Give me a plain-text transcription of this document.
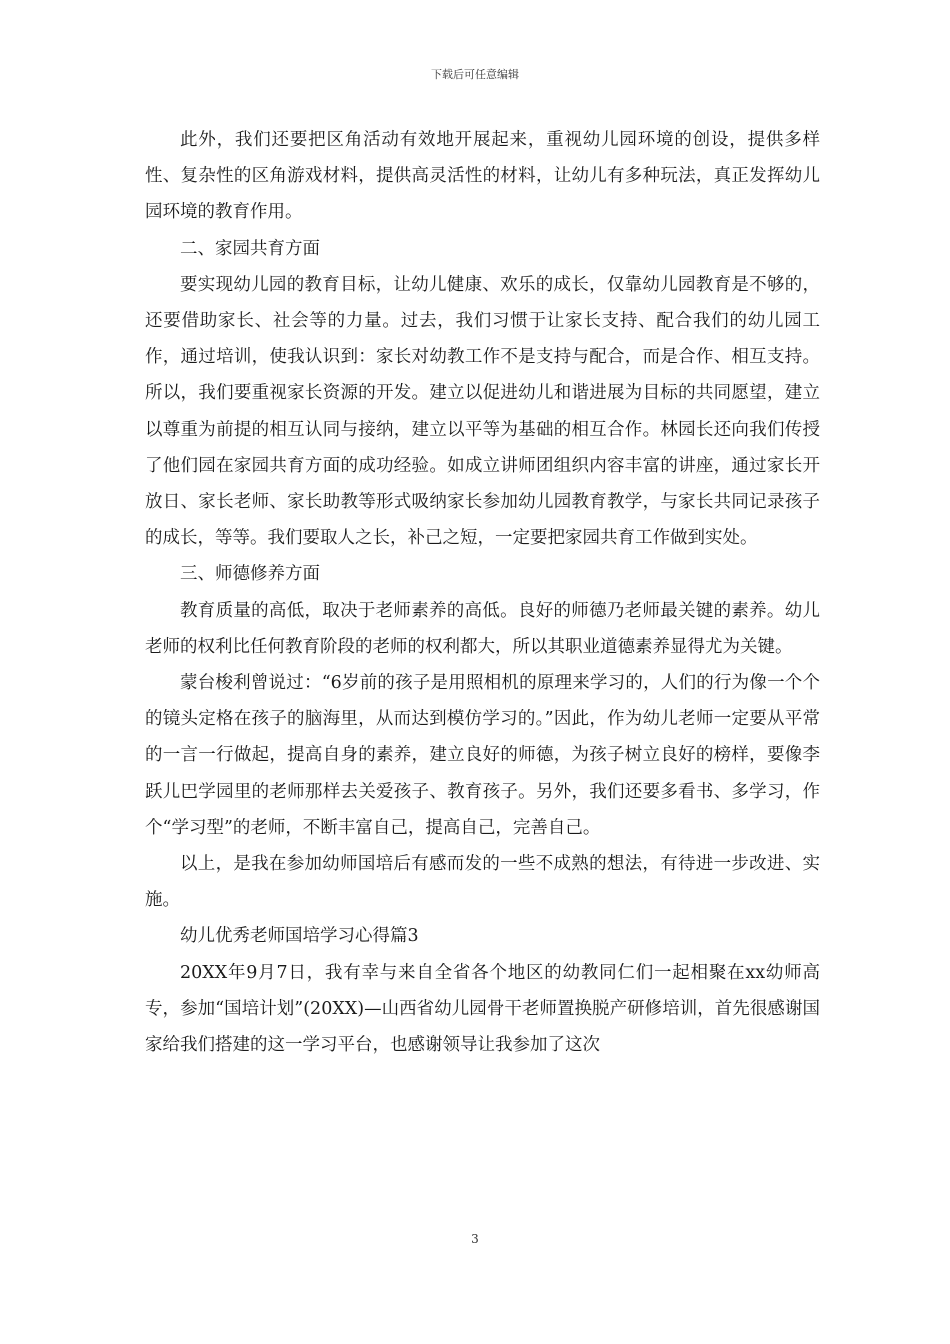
下载后可任意编辑

此外，我们还要把区角活动有效地开展起来，重视幼儿园环境的创设，提供多样性、复杂性的区角游戏材料，提供高灵活性的材料，让幼儿有多种玩法，真正发挥幼儿园环境的教育作用。

二、家园共育方面

要实现幼儿园的教育目标，让幼儿健康、欢乐的成长，仅靠幼儿园教育是不够的，还要借助家长、社会等的力量。过去，我们习惯于让家长支持、配合我们的幼儿园工作，通过培训，使我认识到：家长对幼教工作不是支持与配合，而是合作、相互支持。所以，我们要重视家长资源的开发。建立以促进幼儿和谐进展为目标的共同愿望，建立以尊重为前提的相互认同与接纳，建立以平等为基础的相互合作。林园长还向我们传授了他们园在家园共育方面的成功经验。如成立讲师团组织内容丰富的讲座，通过家长开放日、家长老师、家长助教等形式吸纳家长参加幼儿园教育教学，与家长共同记录孩子的成长，等等。我们要取人之长，补己之短，一定要把家园共育工作做到实处。

三、师德修养方面

教育质量的高低，取决于老师素养的高低。良好的师德乃老师最关键的素养。幼儿老师的权利比任何教育阶段的老师的权利都大，所以其职业道德素养显得尤为关键。

蒙台梭利曾说过：“6岁前的孩子是用照相机的原理来学习的，人们的行为像一个个的镜头定格在孩子的脑海里，从而达到模仿学习的。”因此，作为幼儿老师一定要从平常的一言一行做起，提高自身的素养，建立良好的师德，为孩子树立良好的榜样，要像李跃儿巴学园里的老师那样去关爱孩子、教育孩子。另外，我们还要多看书、多学习，作个“学习型”的老师，不断丰富自己，提高自己，完善自己。

以上，是我在参加幼师国培后有感而发的一些不成熟的想法，有待进一步改进、实施。

幼儿优秀老师国培学习心得篇3

20XX年9月7日，我有幸与来自全省各个地区的幼教同仁们一起相聚在xx幼师高专，参加“国培计划”(20XX)—山西省幼儿园骨干老师置换脱产研修培训，首先很感谢国家给我们搭建的这一学习平台，也感谢领导让我参加了这次

3
